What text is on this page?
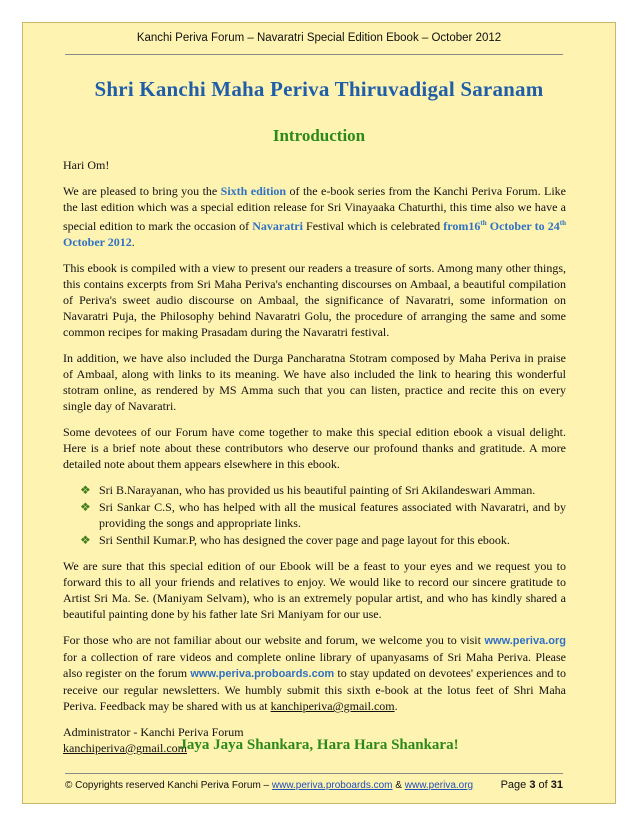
Kanchi Periva Forum – Navaratri Special Edition Ebook – October 2012
Shri Kanchi Maha Periva Thiruvadigal Saranam
Introduction

Hari Om!

We are pleased to bring you the Sixth edition of the e-book series from the Kanchi Periva Forum. Like the last edition which was a special edition release for Sri Vinayaaka Chaturthi, this time also we have a special edition to mark the occasion of Navaratri Festival which is celebrated from16th October to 24th October 2012.

This ebook is compiled with a view to present our readers a treasure of sorts. Among many other things, this contains excerpts from Sri Maha Periva's enchanting discourses on Ambaal, a beautiful compilation of Periva's sweet audio discourse on Ambaal, the significance of Navaratri, some information on Navaratri Puja, the Philosophy behind Navaratri Golu, the procedure of arranging the same and some common recipes for making Prasadam during the Navaratri festival.

In addition, we have also included the Durga Pancharatna Stotram composed by Maha Periva in praise of Ambaal, along with links to its meaning. We have also included the link to hearing this wonderful stotram online, as rendered by MS Amma such that you can listen, practice and recite this on every single day of Navaratri.

Some devotees of our Forum have come together to make this special edition ebook a visual delight. Here is a brief note about these contributors who deserve our profound thanks and gratitude. A more detailed note about them appears elsewhere in this ebook.

❖ Sri B.Narayanan, who has provided us his beautiful painting of Sri Akilandeswari Amman.
❖ Sri Sankar C.S, who has helped with all the musical features associated with Navaratri, and by providing the songs and appropriate links.
❖ Sri Senthil Kumar.P, who has designed the cover page and page layout for this ebook.

We are sure that this special edition of our Ebook will be a feast to your eyes and we request you to forward this to all your friends and relatives to enjoy. We would like to record our sincere gratitude to Artist Sri Ma. Se. (Maniyam Selvam), who is an extremely popular artist, and who has kindly shared a beautiful painting done by his father late Sri Maniyam for our use.

For those who are not familiar about our website and forum, we welcome you to visit www.periva.org for a collection of rare videos and complete online library of upanyasams of Sri Maha Periva. Please also register on the forum www.periva.proboards.com to stay updated on devotees' experiences and to receive our regular newsletters. We humbly submit this sixth e-book at the lotus feet of Shri Maha Periva. Feedback may be shared with us at kanchiperiva@gmail.com.

Administrator - Kanchi Periva Forum

kanchiperiva@gmail.com

Jaya Jaya Shankara, Hara Hara Shankara!
© Copyrights reserved Kanchi Periva Forum – www.periva.proboards.com & www.periva.org Page 3 of 31
